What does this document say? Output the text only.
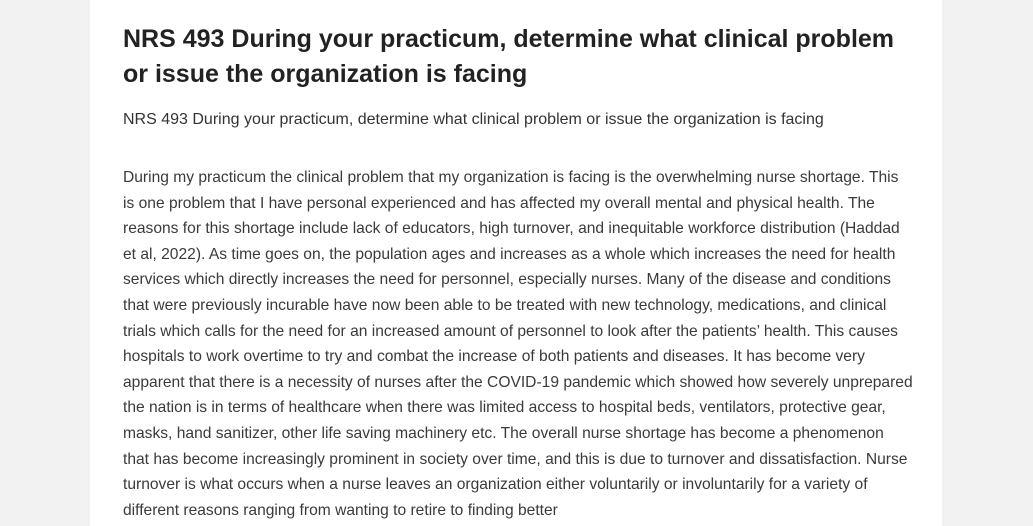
NRS 493 During your practicum, determine what clinical problem or issue the organization is facing

NRS 493 During your practicum, determine what clinical problem or issue the organization is facing

During my practicum the clinical problem that my organization is facing is the overwhelming nurse shortage. This is one problem that I have personal experienced and has affected my overall mental and physical health. The reasons for this shortage include lack of educators, high turnover, and inequitable workforce distribution (Haddad et al, 2022). As time goes on, the population ages and increases as a whole which increases the need for health services which directly increases the need for personnel, especially nurses. Many of the disease and conditions that were previously incurable have now been able to be treated with new technology, medications, and clinical trials which calls for the need for an increased amount of personnel to look after the patients’ health. This causes hospitals to work overtime to try and combat the increase of both patients and diseases. It has become very apparent that there is a necessity of nurses after the COVID-19 pandemic which showed how severely unprepared the nation is in terms of healthcare when there was limited access to hospital beds, ventilators, protective gear, masks, hand sanitizer, other life saving machinery etc. The overall nurse shortage has become a phenomenon that has become increasingly prominent in society over time, and this is due to turnover and dissatisfaction. Nurse turnover is what occurs when a nurse leaves an organization either voluntarily or involuntarily for a variety of different reasons ranging from wanting to retire to finding better
